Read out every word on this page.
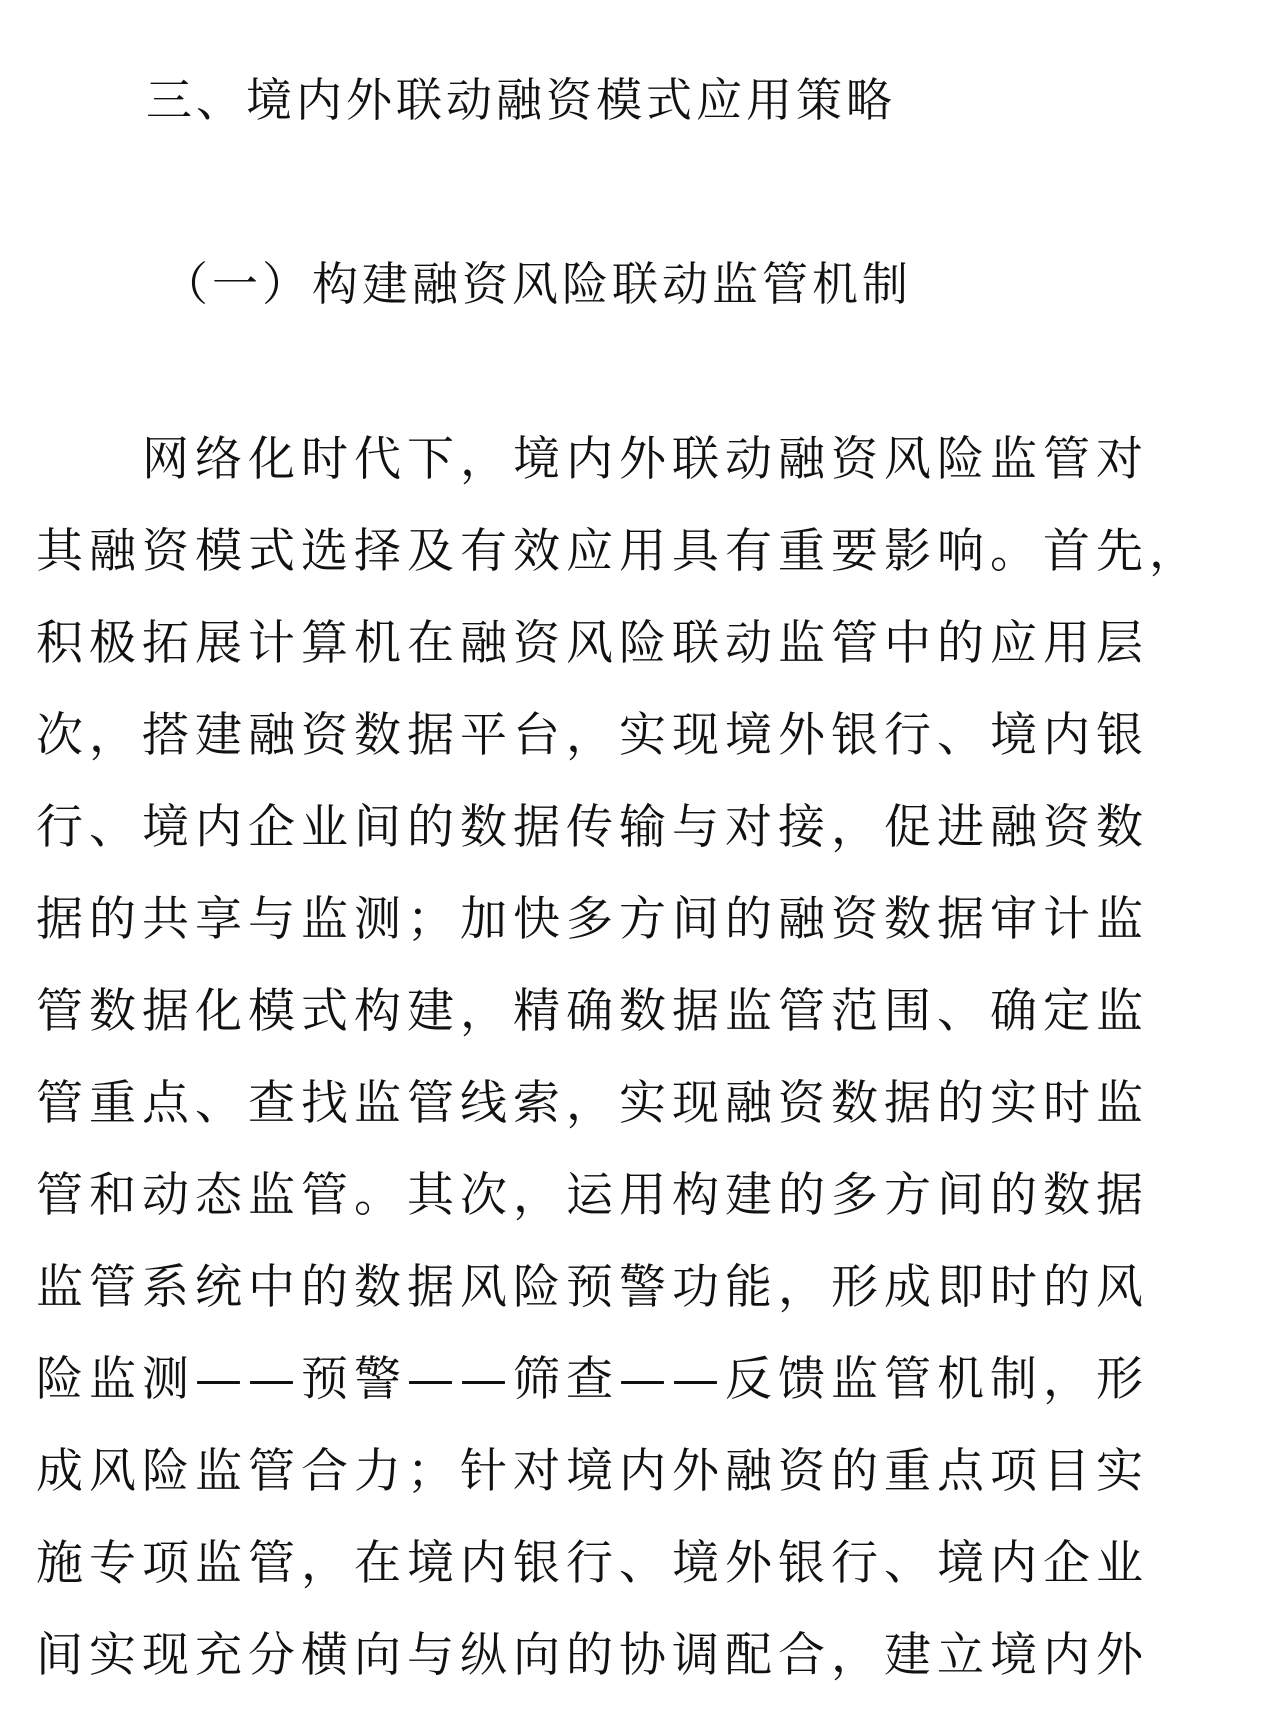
三、境内外联动融资模式应用策略
（一）构建融资风险联动监管机制
网络化时代下，境内外联动融资风险监管对
其融资模式选择及有效应用具有重要影响。首先，
积极拓展计算机在融资风险联动监管中的应用层
次，搭建融资数据平台，实现境外银行、境内银
行、境内企业间的数据传输与对接，促进融资数
据的共享与监测；加快多方间的融资数据审计监
管数据化模式构建，精确数据监管范围、确定监
管重点、查找监管线索，实现融资数据的实时监
管和动态监管。其次，运用构建的多方间的数据
监管系统中的数据风险预警功能，形成即时的风
险监测——预警——筛查——反馈监管机制，形
成风险监管合力；针对境内外融资的重点项目实
施专项监管，在境内银行、境外银行、境内企业
间实现充分横向与纵向的协调配合，建立境内外
